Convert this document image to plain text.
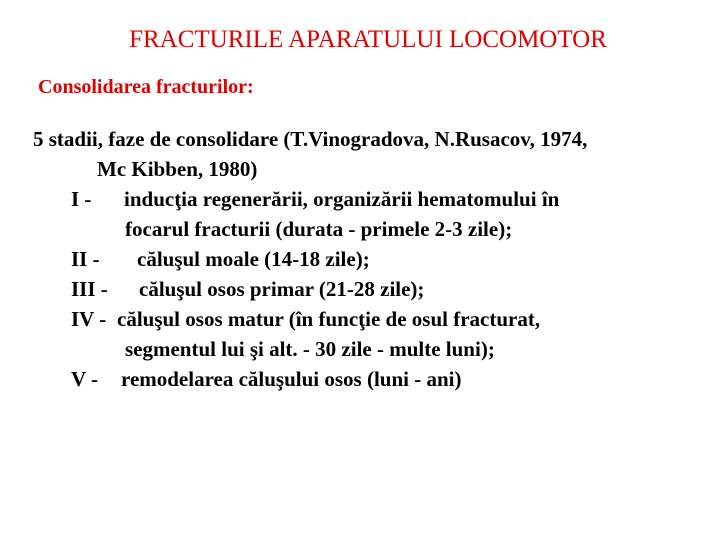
FRACTURILE APARATULUI LOCOMOTOR
Consolidarea fracturilor:
5 stadii, faze de consolidare (T.Vinogradova, N.Rusacov, 1974,
Mc Kibben, 1980)
I -	inducţia regenerării, organizării hematomului în
focarul fracturii (durata - primele 2-3 zile);
II -	căluşul moale (14-18 zile);
III -	căluşul osos primar (21-28 zile);
IV - căluşul osos matur (în funcţie de osul fracturat,
segmentul lui şi alt. - 30 zile - multe luni);
V -	remodelarea căluşului osos (luni - ani)
